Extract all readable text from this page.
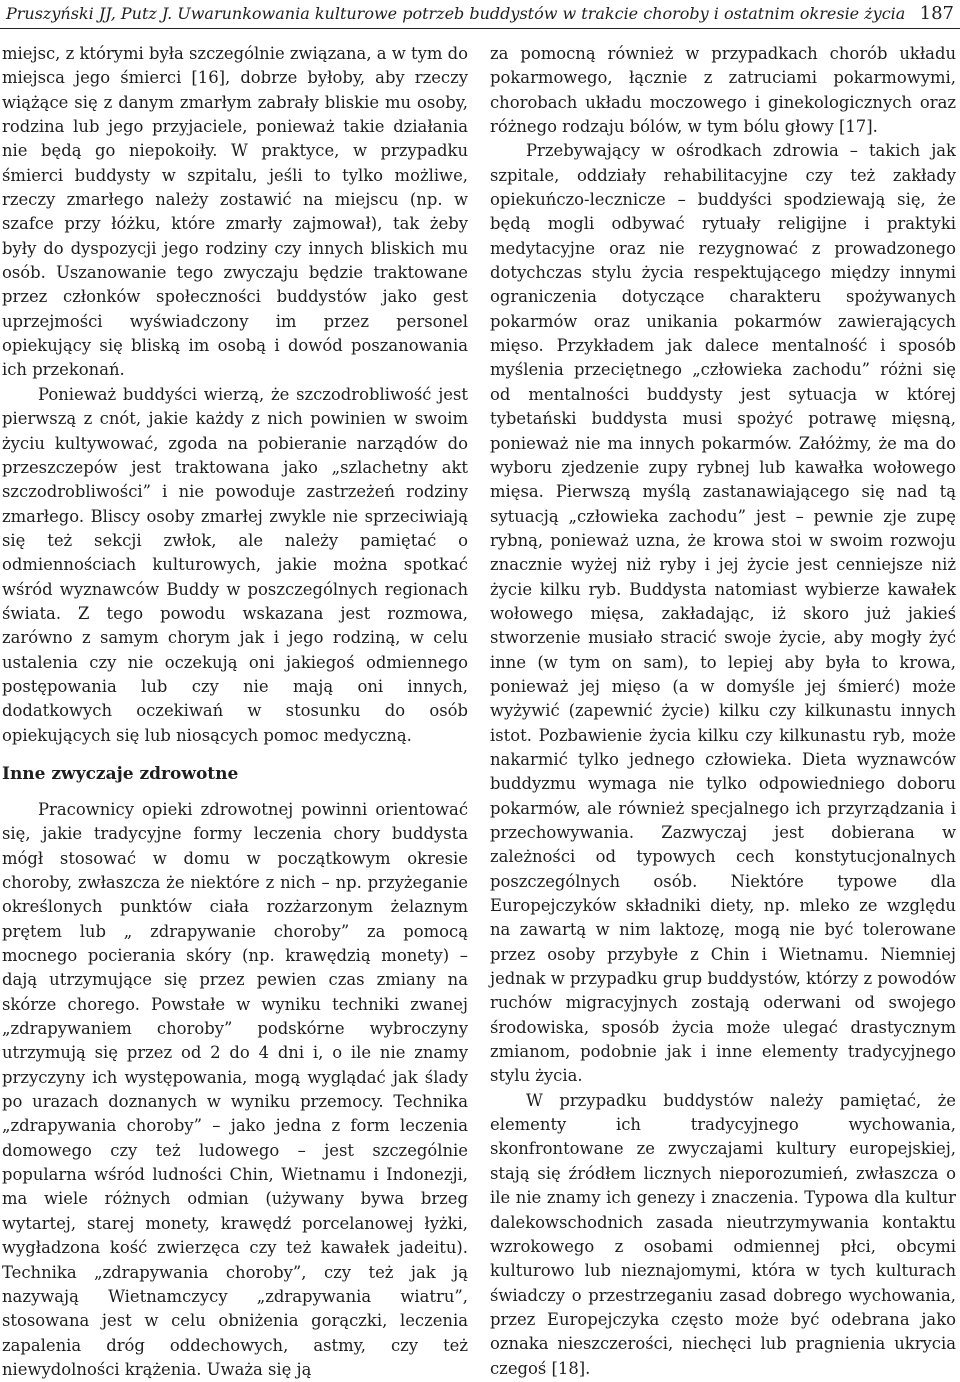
Pruszyński JJ, Putz J. Uwarunkowania kulturowe potrzeb buddystów w trakcie choroby i ostatnim okresie życia 187

miejsc, z którymi była szczególnie związana, a w tym do miejsca jego śmierci [16], dobrze byłoby, aby rzeczy wiążące się z danym zmarłym zabrały bliskie mu osoby, rodzina lub jego przyjaciele, ponieważ takie działania nie będą go niepokoiły. W praktyce, w przypadku śmierci buddysty w szpitalu, jeśli to tylko możliwe, rzeczy zmarłego należy zostawić na miejscu (np. w szafce przy łóżku, które zmarły zajmował), tak żeby były do dyspozycji jego rodziny czy innych bliskich mu osób. Uszanowanie tego zwyczaju będzie traktowane przez członków społeczności buddystów jako gest uprzejmości wyświadczony im przez personel opiekujący się bliską im osobą i dowód poszanowania ich przekonań.

Ponieważ buddyści wierzą, że szczodrobliwość jest pierwszą z cnót, jakie każdy z nich powinien w swoim życiu kultywować, zgoda na pobieranie narządów do przeszczepów jest traktowana jako „szlachetny akt szczodrobliwości” i nie powoduje zastrzeżeń rodziny zmarłego. Bliscy osoby zmarłej zwykle nie sprzeciwiają się też sekcji zwłok, ale należy pamiętać o odmiennościach kulturowych, jakie można spotkać wśród wyznawców Buddy w poszczególnych regionach świata. Z tego powodu wskazana jest rozmowa, zarówno z samym chorym jak i jego rodziną, w celu ustalenia czy nie oczekują oni jakiegoś odmiennego postępowania lub czy nie mają oni innych, dodatkowych oczekiwań w stosunku do osób opiekujących się lub niosących pomoc medyczną.

Inne zwyczaje zdrowotne

Pracownicy opieki zdrowotnej powinni orientować się, jakie tradycyjne formy leczenia chory buddysta mógł stosować w domu w początkowym okresie choroby, zwłaszcza że niektóre z nich – np. przyżeganie określonych punktów ciała rozżarzonym żelaznym prętem lub „ zdrapywanie choroby” za pomocą mocnego pocierania skóry (np. krawędzią monety) – dają utrzymujące się przez pewien czas zmiany na skórze chorego. Powstałe w wyniku techniki zwanej „zdrapywaniem choroby” podskórne wybroczyny utrzymują się przez od 2 do 4 dni i, o ile nie znamy przyczyny ich występowania, mogą wyglądać jak ślady po urazach doznanych w wyniku przemocy. Technika „zdrapywania choroby” – jako jedna z form leczenia domowego czy też ludowego – jest szczególnie popularna wśród ludności Chin, Wietnamu i Indonezji, ma wiele różnych odmian (używany bywa brzeg wytartej, starej monety, krawędź porcelanowej łyżki, wygładzona kość zwierzęca czy też kawałek jadeitu). Technika „zdrapywania choroby”, czy też jak ją nazywają Wietnamczycy „zdrapywania wiatru”, stosowana jest w celu obniżenia gorączki, leczenia zapalenia dróg oddechowych, astmy, czy też niewydolności krążenia. Uważa się ją

za pomocną również w przypadkach chorób układu pokarmowego, łącznie z zatruciami pokarmowymi, chorobach układu moczowego i ginekologicznych oraz różnego rodzaju bólów, w tym bólu głowy [17].

Przebywający w ośrodkach zdrowia – takich jak szpitale, oddziały rehabilitacyjne czy też zakłady opiekuńczo-lecznicze – buddyści spodziewają się, że będą mogli odbywać rytuały religijne i praktyki medytacyjne oraz nie rezygnować z prowadzonego dotychczas stylu życia respektującego między innymi ograniczenia dotyczące charakteru spożywanych pokarmów oraz unikania pokarmów zawierających mięso. Przykładem jak dalece mentalność i sposób myślenia przeciętnego „człowieka zachodu” różni się od mentalności buddysty jest sytuacja w której tybetański buddysta musi spożyć potrawę mięsną, ponieważ nie ma innych pokarmów. Załóżmy, że ma do wyboru zjedzenie zupy rybnej lub kawałka wołowego mięsa. Pierwszą myślą zastanawiającego się nad tą sytuacją „człowieka zachodu” jest – pewnie zje zupę rybną, ponieważ uzna, że krowa stoi w swoim rozwoju znacznie wyżej niż ryby i jej życie jest cenniejsze niż życie kilku ryb. Buddysta natomiast wybierze kawałek wołowego mięsa, zakładając, iż skoro już jakieś stworzenie musiało stracić swoje życie, aby mogły żyć inne (w tym on sam), to lepiej aby była to krowa, ponieważ jej mięso (a w domyśle jej śmierć) może wyżywić (zapewnić życie) kilku czy kilkunastu innych istot. Pozbawienie życia kilku czy kilkunastu ryb, może nakarmić tylko jednego człowieka. Dieta wyznawców buddyzmu wymaga nie tylko odpowiedniego doboru pokarmów, ale również specjalnego ich przyrządzania i przechowywania. Zazwyczaj jest dobierana w zależności od typowych cech konstytucjonalnych poszczególnych osób. Niektóre typowe dla Europejczyków składniki diety, np. mleko ze względu na zawartą w nim laktozę, mogą nie być tolerowane przez osoby przybyłe z Chin i Wietnamu. Niemniej jednak w przypadku grup buddystów, którzy z powodów ruchów migracyjnych zostają oderwani od swojego środowiska, sposób życia może ulegać drastycznym zmianom, podobnie jak i inne elementy tradycyjnego stylu życia.

W przypadku buddystów należy pamiętać, że elementy ich tradycyjnego wychowania, skonfrontowane ze zwyczajami kultury europejskiej, stają się źródłem licznych nieporozumień, zwłaszcza o ile nie znamy ich genezy i znaczenia. Typowa dla kultur dalekowschodnich zasada nieutrzymywania kontaktu wzrokowego z osobami odmiennej płci, obcymi kulturowo lub nieznajomymi, która w tych kulturach świadczy o przestrzeganiu zasad dobrego wychowania, przez Europejczyka często może być odebrana jako oznaka nieszczerości, niechęci lub pragnienia ukrycia czegoś [18].
